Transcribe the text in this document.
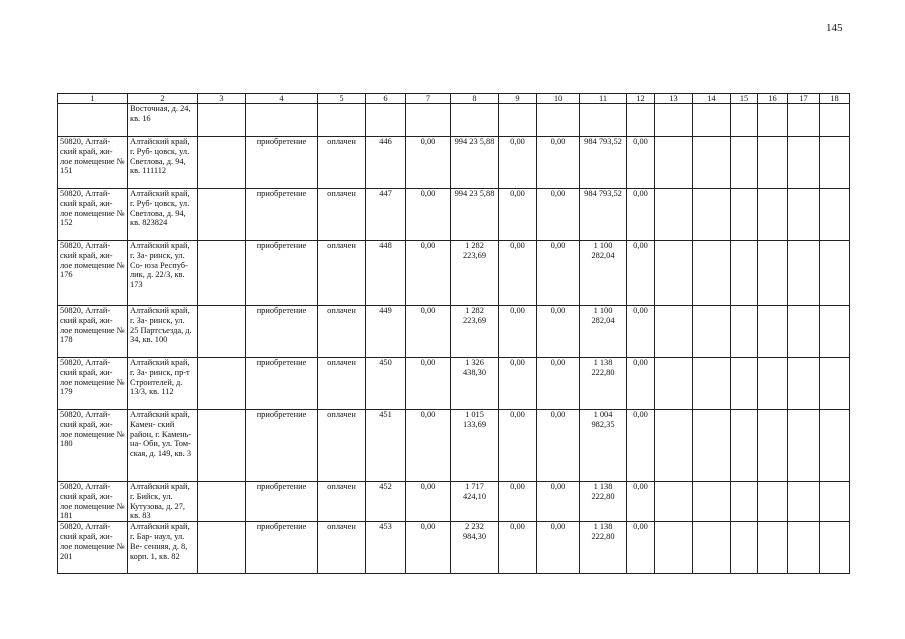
145
1	2	3	4	5	6	7	8	9	10	11	12	13	14	15	16	17	18
	Восточная, д. 24, кв. 16																
50820, Алтай- ский край, жи- лое помещение № 151	Алтайский край, г. Руб- цовск, ул. Светлова, д. 94, кв. 111112		приобретение	оплачен	446	0,00	994 23 5,88	0,00	0,00	984 793,52	0,00						
50820, Алтай- ский край, жи- лое помещение № 152	Алтайский край, г. Руб- цовск, ул. Светлова, д. 94, кв. 823824		приобретение	оплачен	447	0,00	994 23 5,88	0,00	0,00	984 793,52	0,00						
50820, Алтай- ский край, жи- лое помещение № 176	Алтайский край, г. За- ринск, ул. Со- юза Респуб- лик, д. 22/3, кв. 173		приобретение	оплачен	448	0,00	1 282 223,69	0,00	0,00	1 100 282,04	0,00						
50820, Алтай- ский край, жи- лое помещение № 178	Алтайский край, г. За- ринск, ул. 25 Партсъезда, д. 34, кв. 100		приобретение	оплачен	449	0,00	1 282 223,69	0,00	0,00	1 100 282,04	0,00						
50820, Алтай- ский край, жи- лое помещение № 179	Алтайский край, г. За- ринск, пр-т Строителей, д. 13/3, кв. 112		приобретение	оплачен	450	0,00	1 326 438,30	0,00	0,00	1 138 222,80	0,00						
50820, Алтай- ский край, жи- лое помещение № 180	Алтайский край, Камен- ский район, г. Камень-на- Оби, ул. Том- ская, д. 149, кв. 3		приобретение	оплачен	451	0,00	1 015 133,69	0,00	0,00	1 004 982,35	0,00						
50820, Алтай- ский край, жи- лое помещение № 181	Алтайский край, г. Бийск, ул. Кутузова, д. 27, кв. 83		приобретение	оплачен	452	0,00	1 717 424,10	0,00	0,00	1 138 222,80	0,00						
50820, Алтай- ский край, жи- лое помещение № 201	Алтайский край, г. Бар- наул, ул. Ве- сенняя, д. 8, корп. 1, кв. 82		приобретение	оплачен	453	0,00	2 232 984,30	0,00	0,00	1 138 222,80	0,00						
